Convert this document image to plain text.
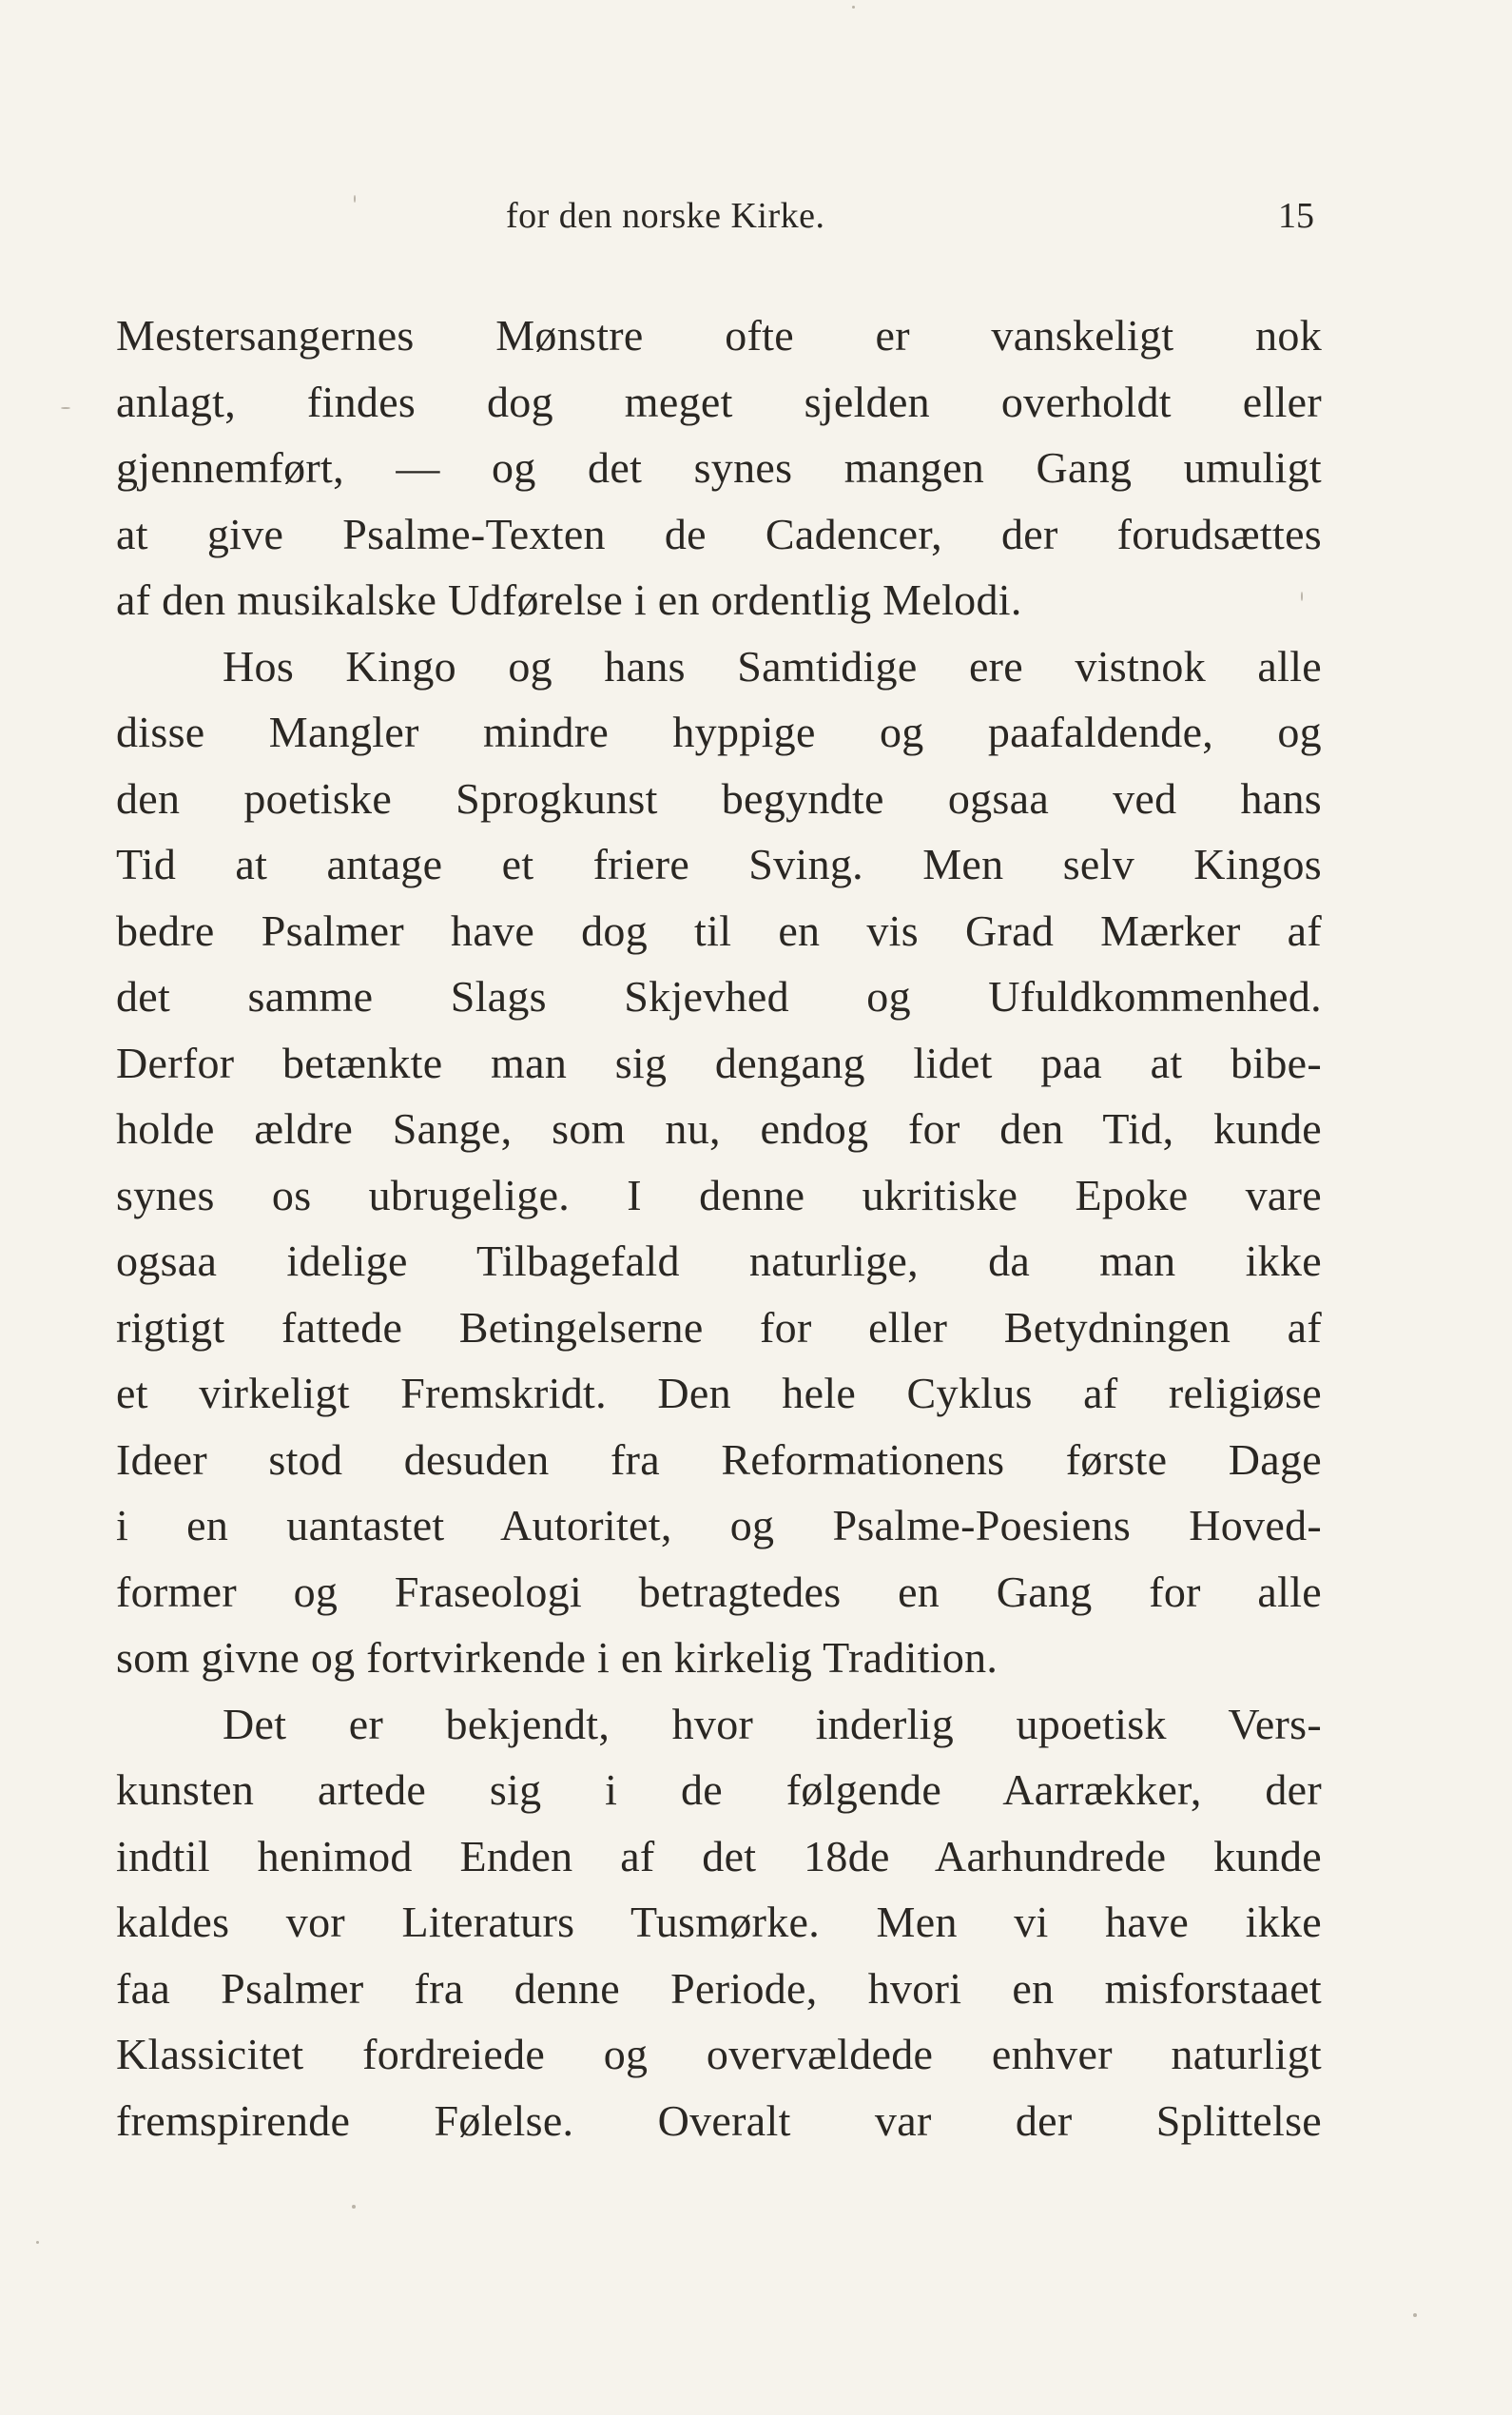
for den norske Kirke.	15
Mestersangernes Mønstre ofte er vanskeligt nok
anlagt, findes dog meget sjelden overholdt eller
gjennemført, — og det synes mangen Gang umuligt
at give Psalme-Texten de Cadencer, der forudsættes
af den musikalske Udførelse i en ordentlig Melodi.
Hos Kingo og hans Samtidige ere vistnok alle
disse Mangler mindre hyppige og paafaldende, og
den poetiske Sprogkunst begyndte ogsaa ved hans
Tid at antage et friere Sving. Men selv Kingos
bedre Psalmer have dog til en vis Grad Mærker af
det samme Slags Skjevhed og Ufuldkommenhed.
Derfor betænkte man sig dengang lidet paa at bibe-
holde ældre Sange, som nu, endog for den Tid, kunde
synes os ubrugelige. I denne ukritiske Epoke vare
ogsaa idelige Tilbagefald naturlige, da man ikke
rigtigt fattede Betingelserne for eller Betydningen af
et virkeligt Fremskridt. Den hele Cyklus af religiøse
Ideer stod desuden fra Reformationens første Dage
i en uantastet Autoritet, og Psalme-Poesiens Hoved-
former og Fraseologi betragtedes en Gang for alle
som givne og fortvirkende i en kirkelig Tradition.
Det er bekjendt, hvor inderlig upoetisk Vers-
kunsten artede sig i de følgende Aarrækker, der
indtil henimod Enden af det 18de Aarhundrede kunde
kaldes vor Literaturs Tusmørke. Men vi have ikke
faa Psalmer fra denne Periode, hvori en misforstaaet
Klassicitet fordreiede og overvældede enhver naturligt
fremspirende Følelse. Overalt var der Splittelse
